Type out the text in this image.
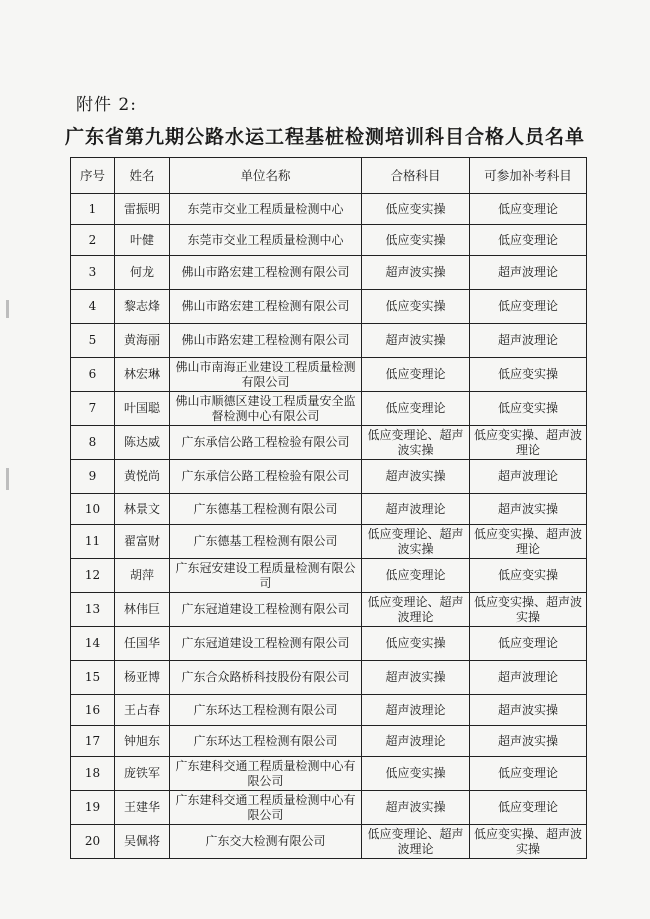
附件 2:
广东省第九期公路水运工程基桩检测培训科目合格人员名单
序号	姓名	单位名称	合格科目	可参加补考科目
1	雷振明	东莞市交业工程质量检测中心	低应变实操	低应变理论
2	叶健	东莞市交业工程质量检测中心	低应变实操	低应变理论
3	何龙	佛山市路宏建工程检测有限公司	超声波实操	超声波理论
4	黎志烽	佛山市路宏建工程检测有限公司	低应变实操	低应变理论
5	黄海丽	佛山市路宏建工程检测有限公司	超声波实操	超声波理论
6	林宏琳	佛山市南海正业建设工程质量检测有限公司	低应变理论	低应变实操
7	叶国聪	佛山市顺德区建设工程质量安全监督检测中心有限公司	低应变理论	低应变实操
8	陈达威	广东承信公路工程检验有限公司	低应变理论、超声波实操	低应变实操、超声波理论
9	黄悦尚	广东承信公路工程检验有限公司	超声波实操	超声波理论
10	林景文	广东德基工程检测有限公司	超声波理论	超声波实操
11	翟富财	广东德基工程检测有限公司	低应变理论、超声波实操	低应变实操、超声波理论
12	胡萍	广东冠安建设工程质量检测有限公司	低应变理论	低应变实操
13	林伟巨	广东冠道建设工程检测有限公司	低应变理论、超声波理论	低应变实操、超声波实操
14	任国华	广东冠道建设工程检测有限公司	低应变实操	低应变理论
15	杨亚博	广东合众路桥科技股份有限公司	超声波实操	超声波理论
16	王占春	广东环达工程检测有限公司	超声波理论	超声波实操
17	钟旭东	广东环达工程检测有限公司	超声波理论	超声波实操
18	庞铁军	广东建科交通工程质量检测中心有限公司	低应变实操	低应变理论
19	王建华	广东建科交通工程质量检测中心有限公司	超声波实操	低应变理论
20	吴佩将	广东交大检测有限公司	低应变理论、超声波理论	低应变实操、超声波实操
